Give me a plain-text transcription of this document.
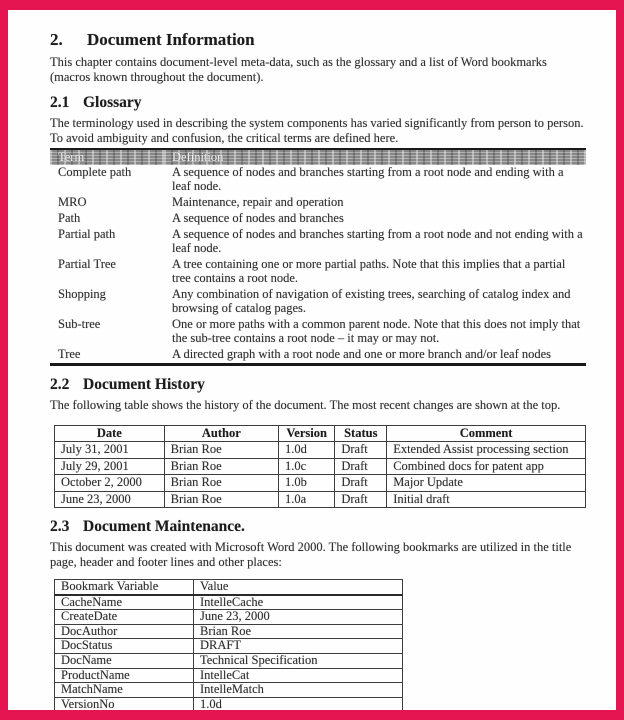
2. Document Information

This chapter contains document-level meta-data, such as the glossary and a list of Word bookmarks (macros known throughout the document).

2.1 Glossary

The terminology used in describing the system components has varied significantly from person to person. To avoid ambiguity and confusion, the critical terms are defined here.

Term	Definition
Complete path	A sequence of nodes and branches starting from a root node and ending with a leaf node.
MRO	Maintenance, repair and operation
Path	A sequence of nodes and branches
Partial path	A sequence of nodes and branches starting from a root node and not ending with a leaf node.
Partial Tree	A tree containing one or more partial paths. Note that this implies that a partial tree contains a root node.
Shopping	Any combination of navigation of existing trees, searching of catalog index and browsing of catalog pages.
Sub-tree	One or more paths with a common parent node. Note that this does not imply that the sub-tree contains a root node – it may or may not.
Tree	A directed graph with a root node and one or more branch and/or leaf nodes
2.2 Document History

The following table shows the history of the document. The most recent changes are shown at the top.

Date	Author	Version	Status	Comment
July 31, 2001	Brian Roe	1.0d	Draft	Extended Assist processing section
July 29, 2001	Brian Roe	1.0c	Draft	Combined docs for patent app
October 2, 2000	Brian Roe	1.0b	Draft	Major Update
June 23, 2000	Brian Roe	1.0a	Draft	Initial draft
2.3 Document Maintenance.

This document was created with Microsoft Word 2000. The following bookmarks are utilized in the title page, header and footer lines and other places:

Bookmark Variable	Value
CacheName	IntelleCache
CreateDate	June 23, 2000
DocAuthor	Brian Roe
DocStatus	DRAFT
DocName	Technical Specification
ProductName	IntelleCat
MatchName	IntelleMatch
VersionNo	1.0d
